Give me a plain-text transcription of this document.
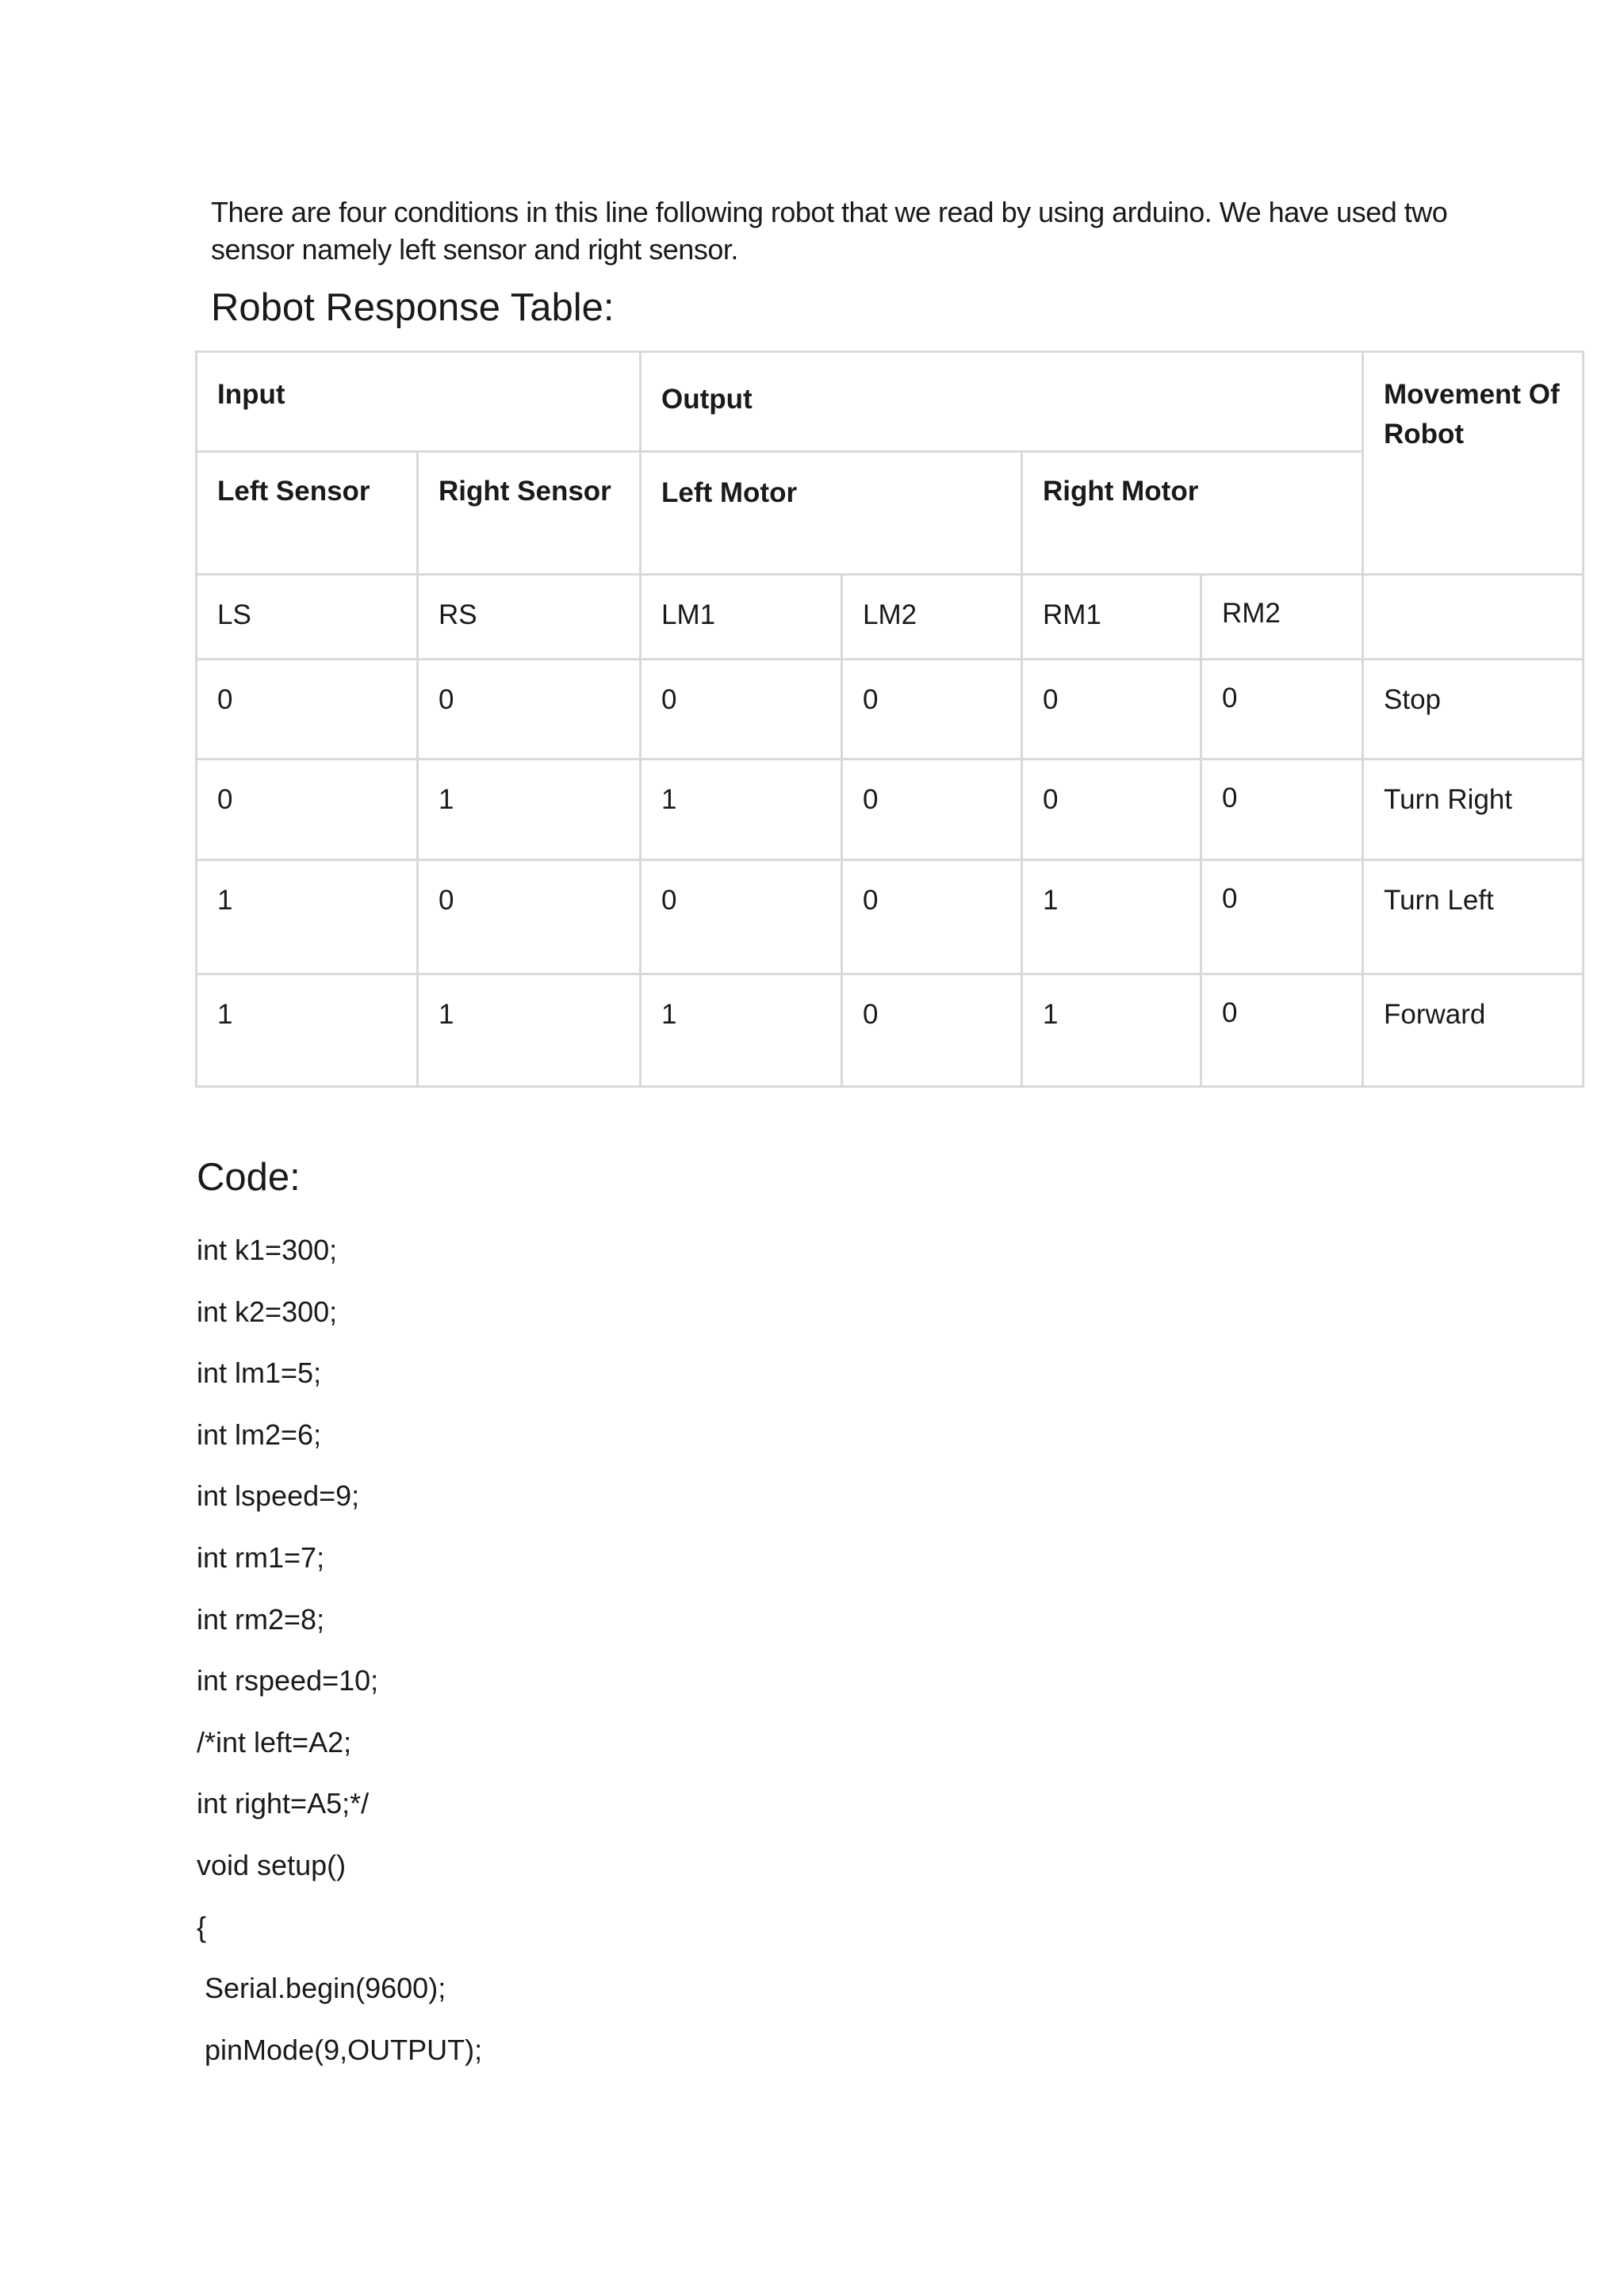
There are four conditions in this line following robot that we read by using arduino. We have used two sensor namely left sensor and right sensor.

Robot Response Table:
Input		Output				Movement Of Robot

Left Sensor	Right Sensor	Left Motor		Right Motor		

LS	RS	LM1	LM2	RM1	RM2	

0	0	0	0	0	0	Stop

0	1	1	0	0	0	Turn Right

1	0	0	0	1	0	Turn Left

1	1	1	0	1	0	Forward
Code:
int k1=300;
int k2=300;
int lm1=5;
int lm2=6;
int lspeed=9;
int rm1=7;
int rm2=8;
int rspeed=10;
/*int left=A2;
int right=A5;*/
void setup()
{
Serial.begin(9600);
pinMode(9,OUTPUT);
